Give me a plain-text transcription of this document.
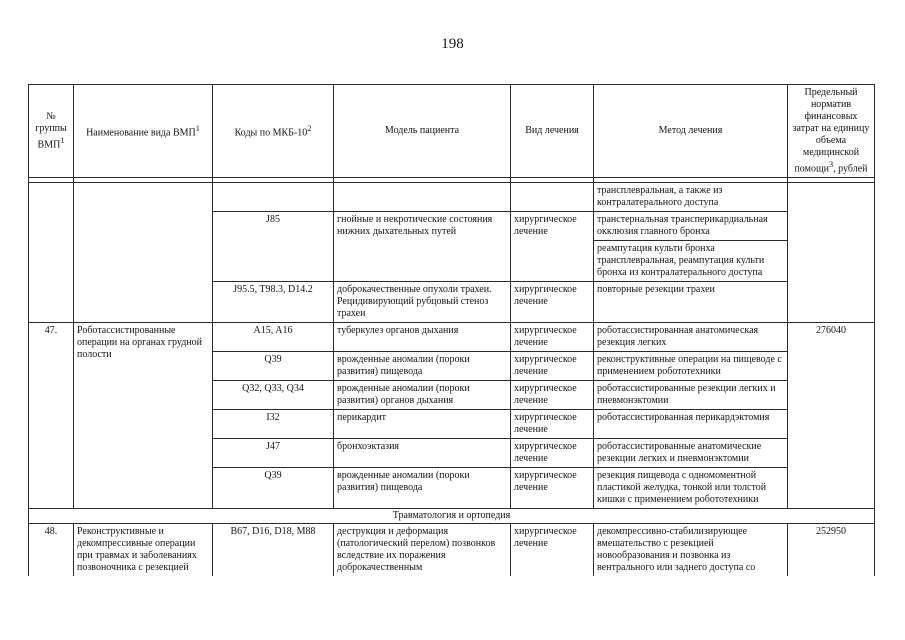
198
№ группы ВМП$^1$	Наименование вида ВМП$^1$	Коды по МКБ-$10^2$	Модель пациента	Вид лечения	Метод лечения	Предельный норматив финансовых затрат на единицу объема медицинской помощи$^3$, рублей

					трансплевральная, а также из контралатерального доступа	
		J85	гнойные и некротические состояния нижних дыхательных путей	хирургическое лечение	транстернальная трансперикардиальная окклюзия главного бронха	
					реампутация культи бронха трансплевральная, реампутация культи бронха из контралатерального доступа	
		J95.5, T98.3, D14.2	доброкачественные опухоли трахеи. Рецидивирующий рубцовый стеноз трахеи	хирургическое лечение	повторные резекции трахеи	
47.	Роботассистированные операции на органах грудной полости	A15, A16	туберкулез органов дыхания	хирургическое лечение	роботассистированная анатомическая резекция легких	276040
		Q39	врожденные аномалии (пороки развития) пищевода	хирургическое лечение	реконструктивные операции на пищеводе с применением робототехники	
		Q32, Q33, Q34	врожденные аномалии (пороки развития) органов дыхания	хирургическое лечение	роботассистированные резекции легких и пневмонэктомии	
		I32	перикардит	хирургическое лечение	роботассистированная перикардэктомия	
		J47	бронхоэктазия	хирургическое лечение	роботассистированные анатомические резекции легких и пневмонэктомии	
		Q39	врожденные аномалии (пороки развития) пищевода	хирургическое лечение	резекция пищевода с одномоментной пластикой желудка, тонкой или толстой кишки с применением робототехники	
Травматология и ортопедия						
48.	Реконструктивные и декомпрессивные операции при травмах и заболеваниях позвоночника с резекцией	B67, D16, D18, M88	деструкция и деформация (патологический перелом) позвонков вследствие их поражения доброкачественным	хирургическое лечение	декомпрессивно-стабилизирующее вмешательство с резекцией новообразования и позвонка из вентрального или заднего доступа со	252950
